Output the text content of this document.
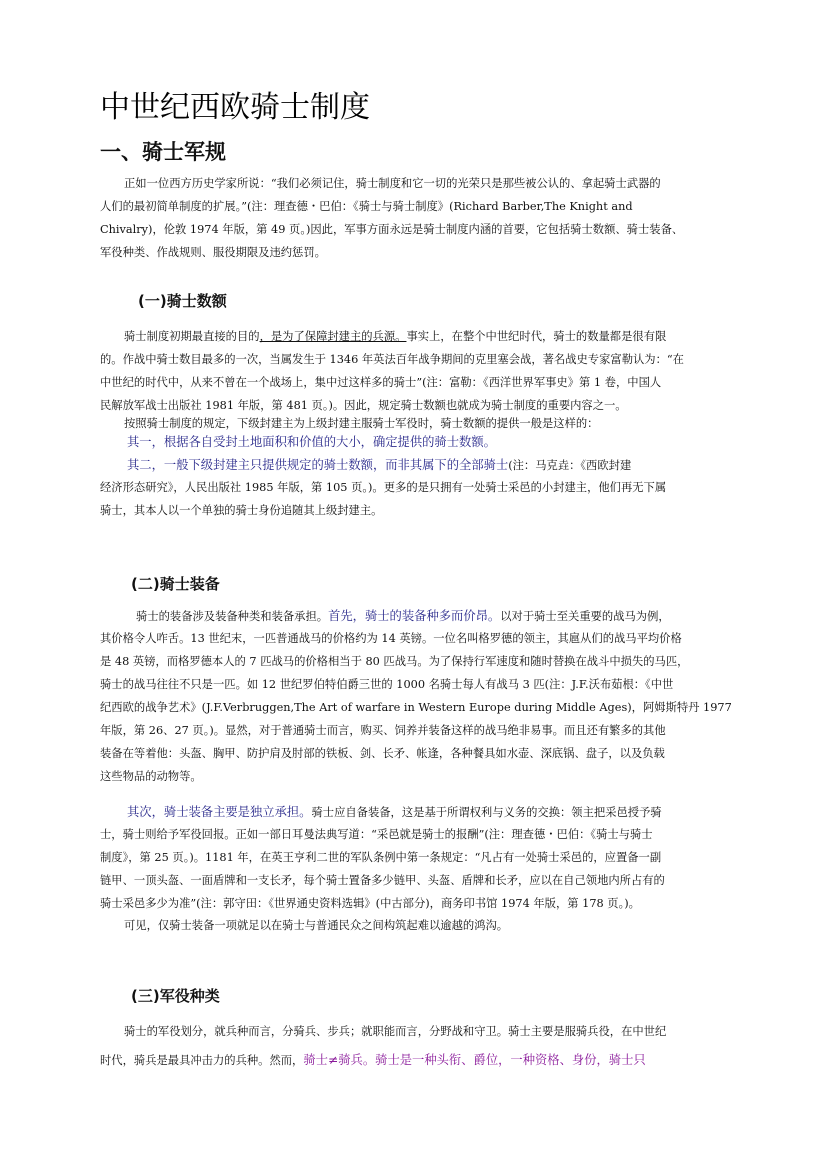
中世纪西欧骑士制度
一、骑士军规
正如一位西方历史学家所说：“我们必须记住，骑士制度和它一切的光荣只是那些被公认的、拿起骑士武器的
人们的最初简单制度的扩展。”(注：理查德・巴伯：《骑士与骑士制度》(Richard Barber,The Knight and
Chivalry)，伦敦 1974 年版，第 49 页。)因此，军事方面永远是骑士制度内涵的首要，它包括骑士数额、骑士装备、
军役种类、作战规则、服役期限及违约惩罚。
(一)骑士数额
骑士制度初期最直接的目的，是为了保障封建主的兵源。事实上，在整个中世纪时代，骑士的数量都是很有限
的。作战中骑士数目最多的一次，当属发生于 1346 年英法百年战争期间的克里塞会战，著名战史专家富勒认为：“在
中世纪的时代中，从来不曾在一个战场上，集中过这样多的骑士”(注：富勒：《西洋世界军事史》第 1 卷，中国人
民解放军战士出版社 1981 年版，第 481 页。)。因此，规定骑士数额也就成为骑士制度的重要内容之一。
按照骑士制度的规定，下级封建主为上级封建主服骑士军役时，骑士数额的提供一般是这样的：
其一，根据各自受封土地面积和价值的大小，确定提供的骑士数额。
其二，一般下级封建主只提供规定的骑士数额，而非其属下的全部骑士(注：马克垚：《西欧封建
经济形态研究》，人民出版社 1985 年版，第 105 页。)。更多的是只拥有一处骑士采邑的小封建主，他们再无下属
骑士，其本人以一个单独的骑士身份追随其上级封建主。
(二)骑士装备
骑士的装备涉及装备种类和装备承担。首先，骑士的装备种多而价昂。以对于骑士至关重要的战马为例，
其价格令人咋舌。13 世纪末，一匹普通战马的价格约为 14 英镑。一位名叫格罗德的领主，其扈从们的战马平均价格
是 48 英镑，而格罗德本人的 7 匹战马的价格相当于 80 匹战马。为了保持行军速度和随时替换在战斗中损失的马匹，
骑士的战马往往不只是一匹。如 12 世纪罗伯特伯爵三世的 1000 名骑士每人有战马 3 匹(注：J.F.沃布茹根：《中世
纪西欧的战争艺术》(J.F.Verbruggen,The Art of warfare in Western Europe during Middle Ages)，阿姆斯特丹 1977
年版，第 26、27 页。)。显然，对于普通骑士而言，购买、饲养并装备这样的战马绝非易事。而且还有繁多的其他
装备在等着他：头盔、胸甲、防护肩及肘部的铁板、剑、长矛、帐逢，各种餐具如水壶、深底锅、盘子，以及负载
这些物品的动物等。
其次，骑士装备主要是独立承担。骑士应自备装备，这是基于所谓权利与义务的交换：领主把采邑授予骑
士，骑士则给予军役回报。正如一部日耳曼法典写道：“采邑就是骑士的报酬”(注：理查德・巴伯：《骑士与骑士
制度》，第 25 页。)。1181 年，在英王亨利二世的军队条例中第一条规定：“凡占有一处骑士采邑的，应置备一副
链甲、一顶头盔、一面盾牌和一支长矛，每个骑士置备多少链甲、头盔、盾牌和长矛，应以在自己领地内所占有的
骑士采邑多少为准”(注：郭守田：《世界通史资料选辑》(中古部分)，商务印书馆 1974 年版，第 178 页。)。
可见，仅骑士装备一项就足以在骑士与普通民众之间构筑起难以逾越的鸿沟。
(三)军役种类
骑士的军役划分，就兵种而言，分骑兵、步兵；就职能而言，分野战和守卫。骑士主要是服骑兵役，在中世纪
时代，骑兵是最具冲击力的兵种。然而，骑士≠骑兵。骑士是一种头衔、爵位，一种资格、身份，骑士只
